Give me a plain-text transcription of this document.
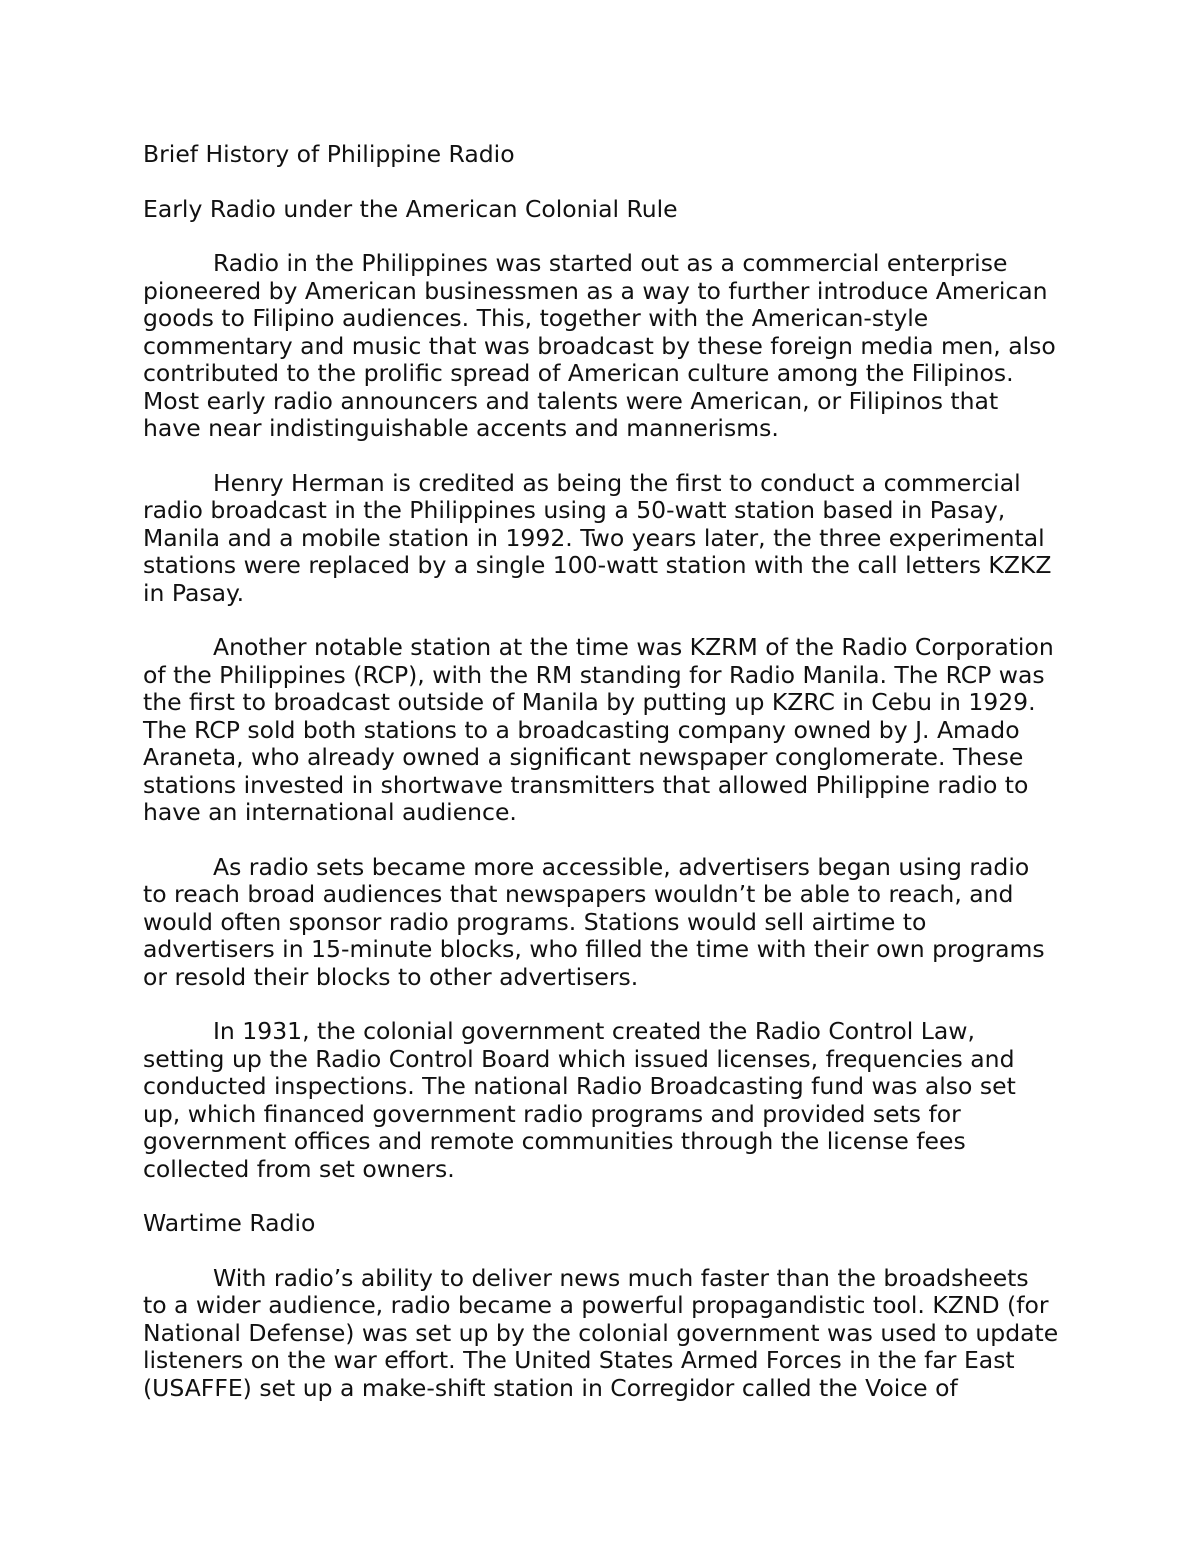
Brief History of Philippine Radio
Early Radio under the American Colonial Rule
Radio in the Philippines was started out as a commercial enterprise
pioneered by American businessmen as a way to further introduce American
goods to Filipino audiences. This, together with the American-style
commentary and music that was broadcast by these foreign media men, also
contributed to the prolific spread of American culture among the Filipinos.
Most early radio announcers and talents were American, or Filipinos that
have near indistinguishable accents and mannerisms.
Henry Herman is credited as being the first to conduct a commercial
radio broadcast in the Philippines using a 50-watt station based in Pasay,
Manila and a mobile station in 1992. Two years later, the three experimental
stations were replaced by a single 100-watt station with the call letters KZKZ
in Pasay.
Another notable station at the time was KZRM of the Radio Corporation
of the Philippines (RCP), with the RM standing for Radio Manila. The RCP was
the first to broadcast outside of Manila by putting up KZRC in Cebu in 1929.
The RCP sold both stations to a broadcasting company owned by J. Amado
Araneta, who already owned a significant newspaper conglomerate. These
stations invested in shortwave transmitters that allowed Philippine radio to
have an international audience.
As radio sets became more accessible, advertisers began using radio
to reach broad audiences that newspapers wouldn’t be able to reach, and
would often sponsor radio programs. Stations would sell airtime to
advertisers in 15-minute blocks, who filled the time with their own programs
or resold their blocks to other advertisers.
In 1931, the colonial government created the Radio Control Law,
setting up the Radio Control Board which issued licenses, frequencies and
conducted inspections. The national Radio Broadcasting fund was also set
up, which financed government radio programs and provided sets for
government offices and remote communities through the license fees
collected from set owners.
Wartime Radio
With radio’s ability to deliver news much faster than the broadsheets
to a wider audience, radio became a powerful propagandistic tool. KZND (for
National Defense) was set up by the colonial government was used to update
listeners on the war effort. The United States Armed Forces in the far East
(USAFFE) set up a make-shift station in Corregidor called the Voice of
